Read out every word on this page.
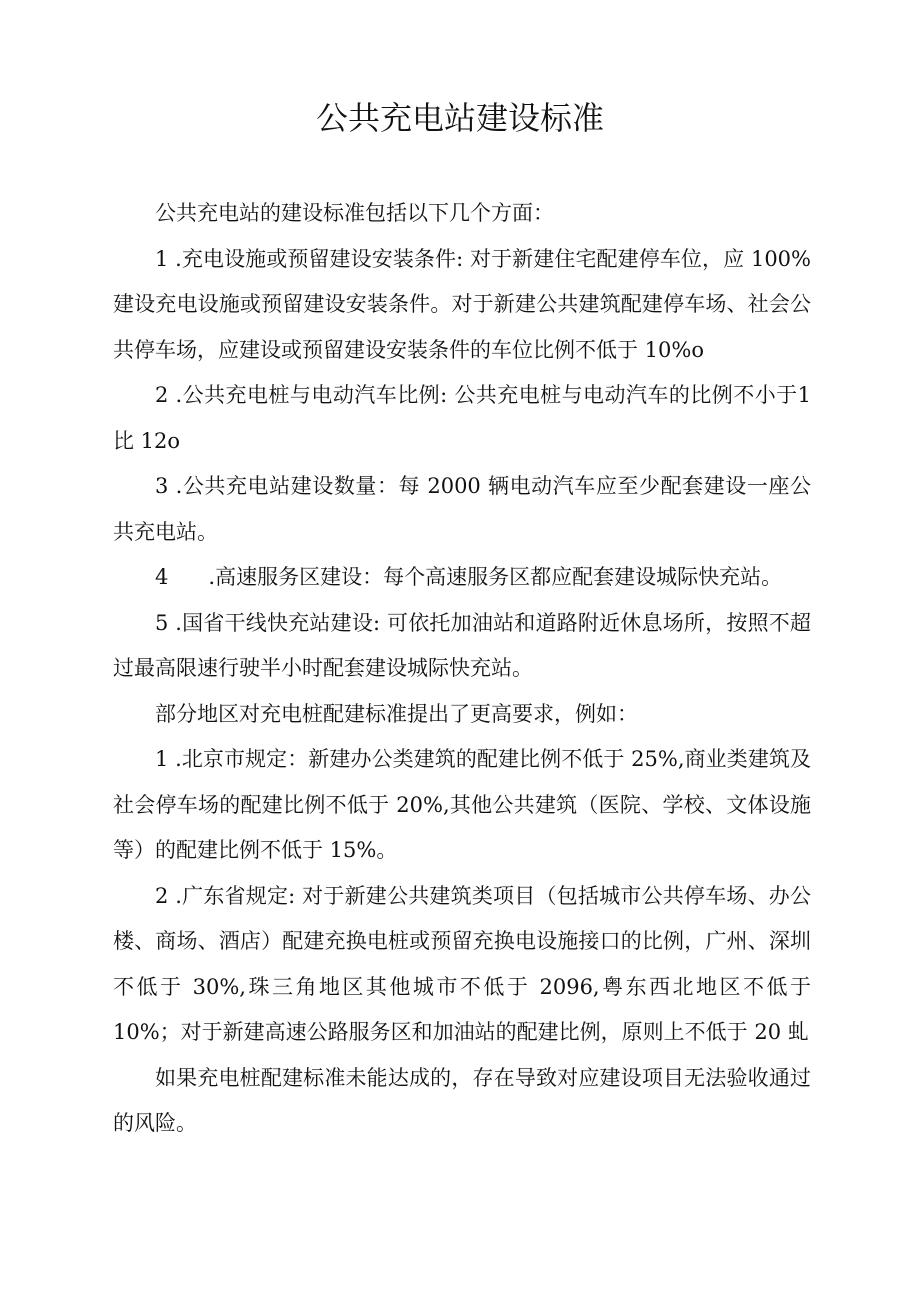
公共充电站建设标准

公共充电站的建设标准包括以下几个方面：

1 .充电设施或预留建设安装条件: 对于新建住宅配建停车位，应 100%建设充电设施或预留建设安装条件。对于新建公共建筑配建停车场、社会公共停车场，应建设或预留建设安装条件的车位比例不低于 10%o

2 .公共充电桩与电动汽车比例: 公共充电桩与电动汽车的比例不小于1 比 12o

3 .公共充电站建设数量：每 2000 辆电动汽车应至少配套建设一座公共充电站。

4      .高速服务区建设：每个高速服务区都应配套建设城际快充站。

5 .国省干线快充站建设: 可依托加油站和道路附近休息场所，按照不超过最高限速行驶半小时配套建设城际快充站。

部分地区对充电桩配建标准提出了更高要求，例如：

1 .北京市规定：新建办公类建筑的配建比例不低于 25%,商业类建筑及社会停车场的配建比例不低于 20%,其他公共建筑（医院、学校、文体设施等）的配建比例不低于 15%。

2 .广东省规定: 对于新建公共建筑类项目（包括城市公共停车场、办公楼、商场、酒店）配建充换电桩或预留充换电设施接口的比例，广州、深圳不低于 30%,珠三角地区其他城市不低于 2096,粤东西北地区不低于10%；对于新建高速公路服务区和加油站的配建比例，原则上不低于 20 虬

如果充电桩配建标准未能达成的，存在导致对应建设项目无法验收通过的风险。
